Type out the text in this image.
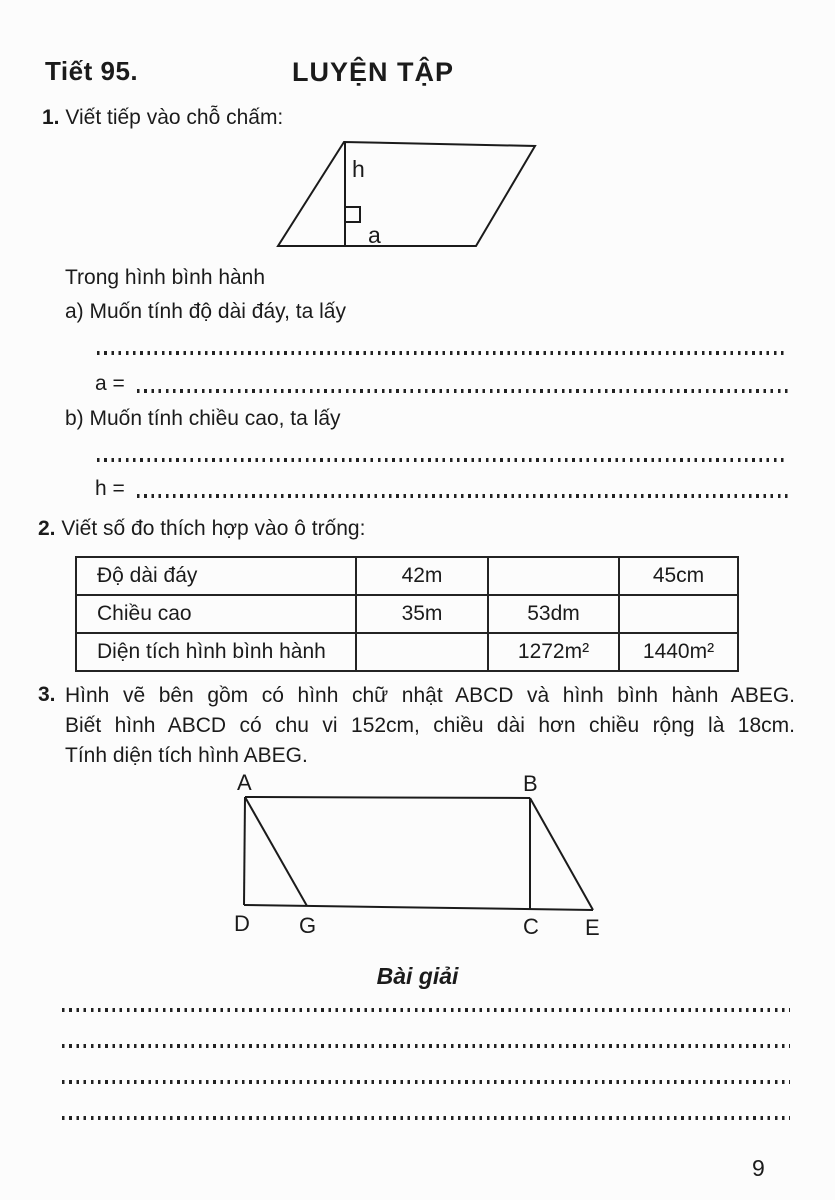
Tiết 95.	LUYỆN TẬP
1. Viết tiếp vào chỗ chấm:
h
a
Trong hình bình hành
a) Muốn tính độ dài đáy, ta lấy
a =
b) Muốn tính chiều cao, ta lấy
h =
2. Viết số đo thích hợp vào ô trống:
Độ dài đáy	42m		45cm
Chiều cao	35m	53dm	
Diện tích hình bình hành		1272m²	1440m²
3. Hình vẽ bên gồm có hình chữ nhật ABCD và hình bình hành ABEG.
Biết hình ABCD có chu vi 152cm, chiều dài hơn chiều rộng là 18cm.
Tính diện tích hình ABEG.
A	B
D G	C E
Bài giải
9
